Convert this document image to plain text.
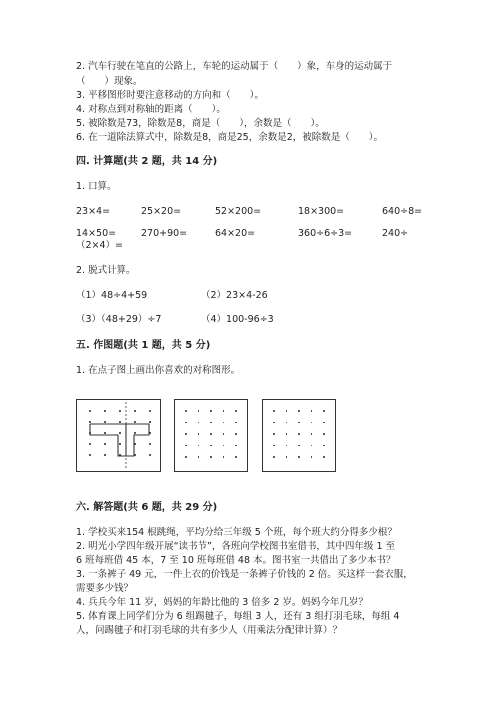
2. 汽车行驶在笔直的公路上，车轮的运动属于（　　）象，车身的运动属于
（　　）现象。
3. 平移图形时要注意移动的方向和（　　）。
4. 对称点到对称轴的距离（　　）。
5. 被除数是73，除数是8，商是（　　），余数是（　　）。
6. 在一道除法算式中，除数是8，商是25，余数是2，被除数是（　　）。
四. 计算题(共 2 题，共 14 分)
1. 口算。
23×4=	25×20=	52×200=	18×300=	640÷8=
14×50=	270+90=	64×20=	360÷6÷3=	240÷
（2×4）=
2. 脱式计算。
（1）48÷4+59	（2）23×4-26
（3）（48+29）÷7	（4）100-96÷3
五. 作图题(共 1 题，共 5 分)
1. 在点子图上画出你喜欢的对称图形。
六. 解答题(共 6 题，共 29 分)
1. 学校买来154 根跳绳，平均分给三年级 5 个班，每个班大约分得多少根？
2. 明光小学四年级开展“读书节”，各班向学校图书室借书，其中四年级 1 至
6 班每班借 45 本，7 至 10 班每班借 48 本。图书室一共借出了多少本书？
3. 一条裤子 49 元，一件上衣的价钱是一条裤子价钱的 2 倍。买这样一套衣服，
需要多少钱？
4. 兵兵今年 11 岁，妈妈的年龄比他的 3 倍多 2 岁。妈妈今年几岁？
5. 体育课上同学们分为 6 组踢毽子，每组 3 人，还有 3 组打羽毛球，每组 4
人，问踢毽子和打羽毛球的共有多少人（用乘法分配律计算）？
